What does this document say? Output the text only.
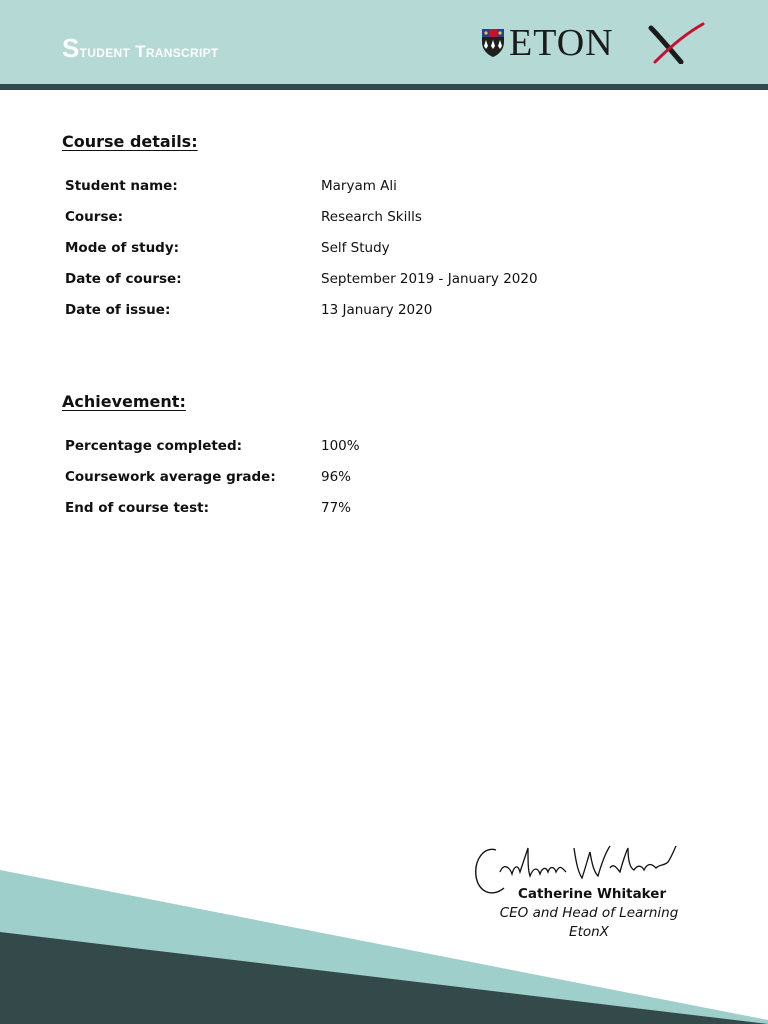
Student Transcript	ETON
Course details:
Student name:	Maryam Ali
Course:	Research Skills
Mode of study:	Self Study
Date of course:	September 2019 - January 2020
Date of issue:	13 January 2020
Achievement:
Percentage completed:	100%
Coursework average grade:	96%
End of course test:	77%
Catherine Whitaker
CEO and Head of Learning
EtonX
